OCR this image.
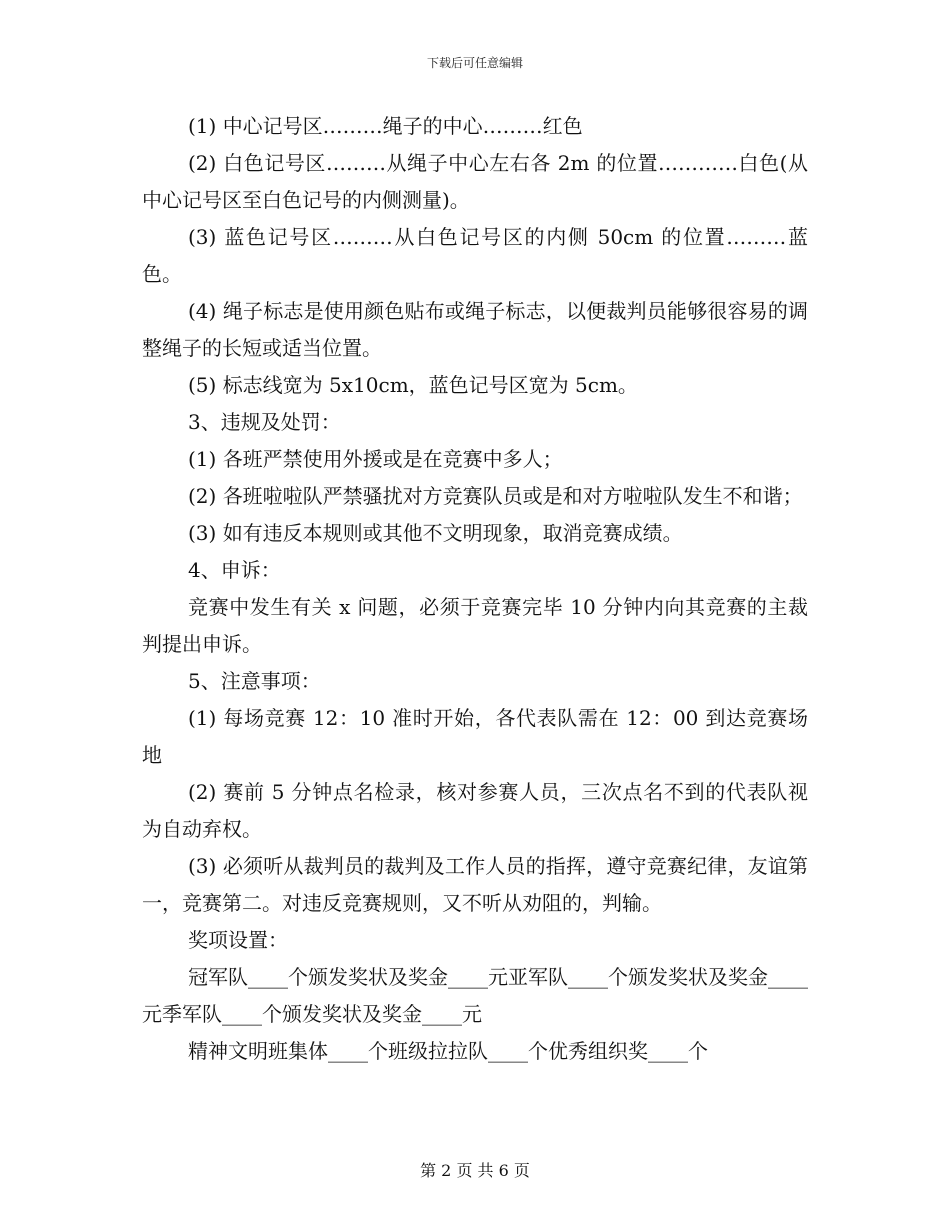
下载后可任意编辑

(1) 中心记号区………绳子的中心………红色

(2) 白色记号区………从绳子中心左右各 2m 的位置…………白色(从中心记号区至白色记号的内侧测量)。

(3) 蓝色记号区………从白色记号区的内侧 50cm 的位置………蓝色。

(4) 绳子标志是使用颜色贴布或绳子标志，以便裁判员能够很容易的调整绳子的长短或适当位置。

(5) 标志线宽为 5x10cm，蓝色记号区宽为 5cm。

3、违规及处罚：

(1) 各班严禁使用外援或是在竞赛中多人；

(2) 各班啦啦队严禁骚扰对方竞赛队员或是和对方啦啦队发生不和谐；

(3) 如有违反本规则或其他不文明现象，取消竞赛成绩。

4、申诉：

竞赛中发生有关 x 问题，必须于竞赛完毕 10 分钟内向其竞赛的主裁判提出申诉。

5、注意事项：

(1) 每场竞赛 12：10 准时开始，各代表队需在 12：00 到达竞赛场地

(2) 赛前 5 分钟点名检录，核对参赛人员，三次点名不到的代表队视为自动弃权。

(3) 必须听从裁判员的裁判及工作人员的指挥，遵守竞赛纪律，友谊第一，竞赛第二。对违反竞赛规则，又不听从劝阻的，判输。

奖项设置：

冠军队____个颁发奖状及奖金____元亚军队____个颁发奖状及奖金____元季军队____个颁发奖状及奖金____元

精神文明班集体____个班级拉拉队____个优秀组织奖____个

第 2 页 共 6 页
